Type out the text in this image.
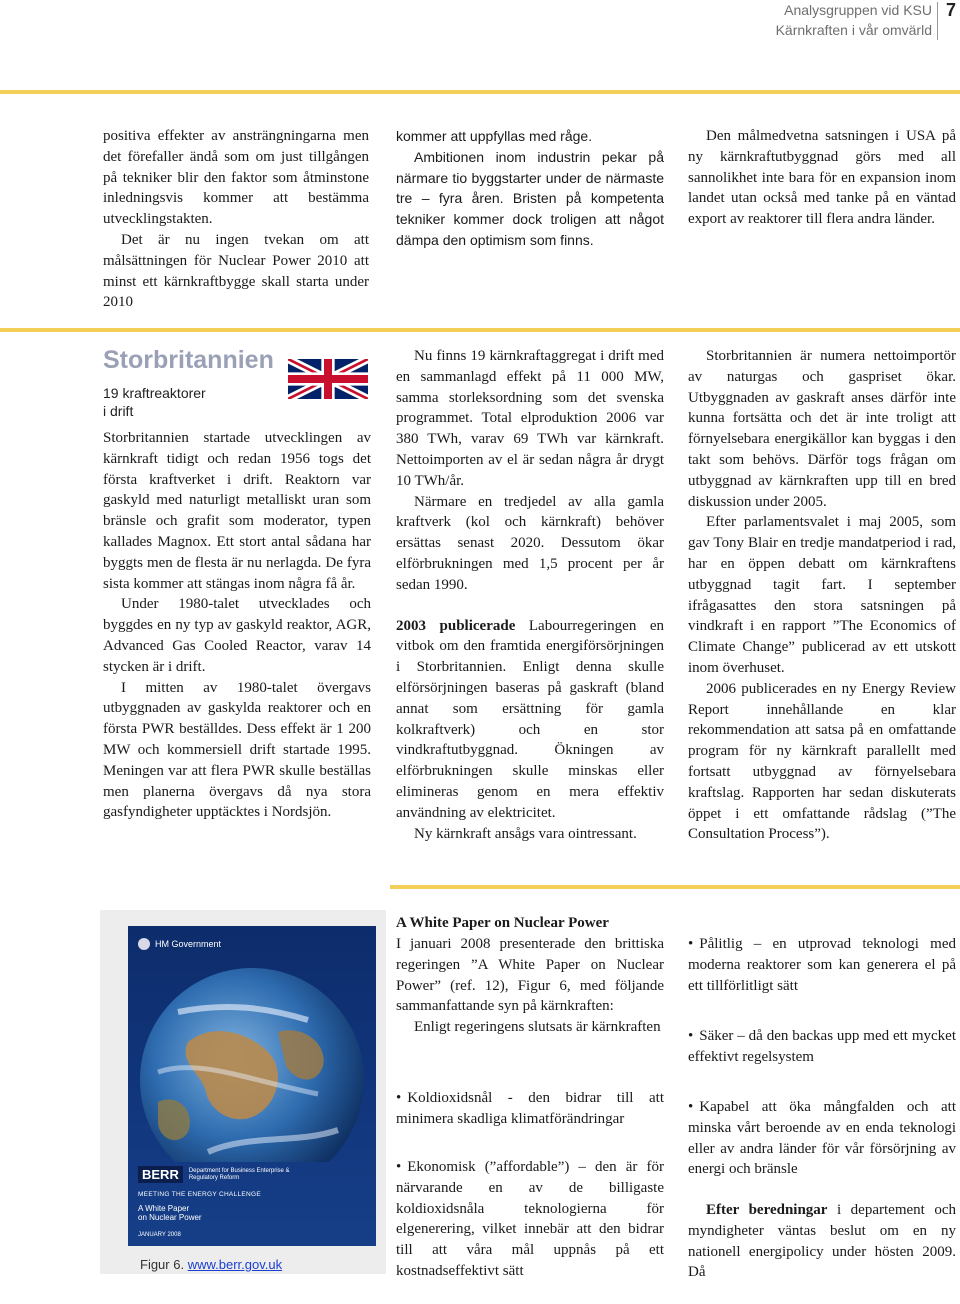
Analysgruppen vid KSU
Kärnkraften i vår omvärld
7

positiva effekter av ansträngningarna men det förefaller ändå som om just tillgången på tekniker blir den faktor som åtminstone inledningsvis kommer att bestämma utvecklingstakten.

Det är nu ingen tvekan om att målsättningen för Nuclear Power 2010 att minst ett kärnkraftbygge skall starta under 2010

kommer att uppfyllas med råge.

Ambitionen inom industrin pekar på närmare tio byggstarter under de närmaste tre – fyra åren. Bristen på kompetenta tekniker kommer dock troligen att något dämpa den optimism som finns.

Den målmedvetna satsningen i USA på ny kärnkraftutbyggnad görs med all sannolikhet inte bara för en expansion inom landet utan också med tanke på en väntad export av reaktorer till flera andra länder.

Storbritannien
19 kraftreaktorer
i drift

Storbritannien startade utvecklingen av kärnkraft tidigt och redan 1956 togs det första kraftverket i drift. Reaktorn var gaskyld med naturligt metalliskt uran som bränsle och grafit som moderator, typen kallades Magnox. Ett stort antal sådana har byggts men de flesta är nu nerlagda. De fyra sista kommer att stängas inom några få år.

Under 1980-talet utvecklades och byggdes en ny typ av gaskyld reaktor, AGR, Advanced Gas Cooled Reactor, varav 14 stycken är i drift.

I mitten av 1980-talet övergavs utbyggnaden av gaskylda reaktorer och en första PWR beställdes. Dess effekt är 1 200 MW och kommersiell drift startade 1995. Meningen var att flera PWR skulle beställas men planerna övergavs då nya stora gasfyndigheter upptäcktes i Nordsjön.

Nu finns 19 kärnkraftaggregat i drift med en sammanlagd effekt på 11 000 MW, samma storleksordning som det svenska programmet. Total elproduktion 2006 var 380 TWh, varav 69 TWh var kärnkraft. Nettoimporten av el är sedan några år drygt 10 TWh/år.

Närmare en tredjedel av alla gamla kraftverk (kol och kärnkraft) behöver ersättas senast 2020. Dessutom ökar elförbrukningen med 1,5 procent per år sedan 1990.

2003 publicerade Labourregeringen en vitbok om den framtida energiförsörjningen i Storbritannien. Enligt denna skulle elförsörjningen baseras på gaskraft (bland annat som ersättning för gamla kolkraftverk) och en stor vindkraftutbyggnad. Ökningen av elförbrukningen skulle minskas eller elimineras genom en mera effektiv användning av elektricitet.

Ny kärnkraft ansågs vara ointressant.

Storbritannien är numera nettoimportör av naturgas och gaspriset ökar. Utbyggnaden av gaskraft anses därför inte kunna fortsätta och det är inte troligt att förnyelsebara energikällor kan byggas i den takt som behövs. Därför togs frågan om utbyggnad av kärnkraften upp till en bred diskussion under 2005.

Efter parlamentsvalet i maj 2005, som gav Tony Blair en tredje mandatperiod i rad, har en öppen debatt om kärnkraftens utbyggnad tagit fart. I september ifrågasattes den stora satsningen på vindkraft i en rapport ”The Economics of Climate Change” publicerad av ett utskott inom överhuset.

2006 publicerades en ny Energy Review Report innehållande en klar rekommendation att satsa på en omfattande program för ny kärnkraft parallellt med fortsatt utbyggnad av förnyelsebara kraftslag. Rapporten har sedan diskuterats öppet i ett omfattande rådslag (”The Consultation Process”).

HM Government
BERR	Department for Business Enterprise & Regulatory Reform
MEETING THE ENERGY CHALLENGE
A White Paper
on Nuclear Power
JANUARY 2008
Figur 6. www.berr.gov.uk
A White Paper on Nuclear Power

I januari 2008 presenterade den brittiska regeringen ”A White Paper on Nuclear Power” (ref. 12), Figur 6, med följande sammanfattande syn på kärnkraften:

Enligt regeringens slutsats är kärnkraften

• Koldioxidsnål - den bidrar till att minimera skadliga klimatförändringar
• Ekonomisk (”affordable”) – den är för närvarande en av de billigaste koldioxidsnåla teknologierna för elgenerering, vilket innebär att den bidrar till att våra mål uppnås på ett kostnadseffektivt sätt
• Pålitlig – en utprovad teknologi med moderna reaktorer som kan generera el på ett tillförlitligt sätt
• Säker – då den backas upp med ett mycket effektivt regelsystem
• Kapabel att öka mångfalden och att minska vårt beroende av en enda teknologi eller av andra länder för vår försörjning av energi och bränsle

Efter beredningar i departement och myndigheter väntas beslut om en ny nationell energipolicy under hösten 2009. Då
